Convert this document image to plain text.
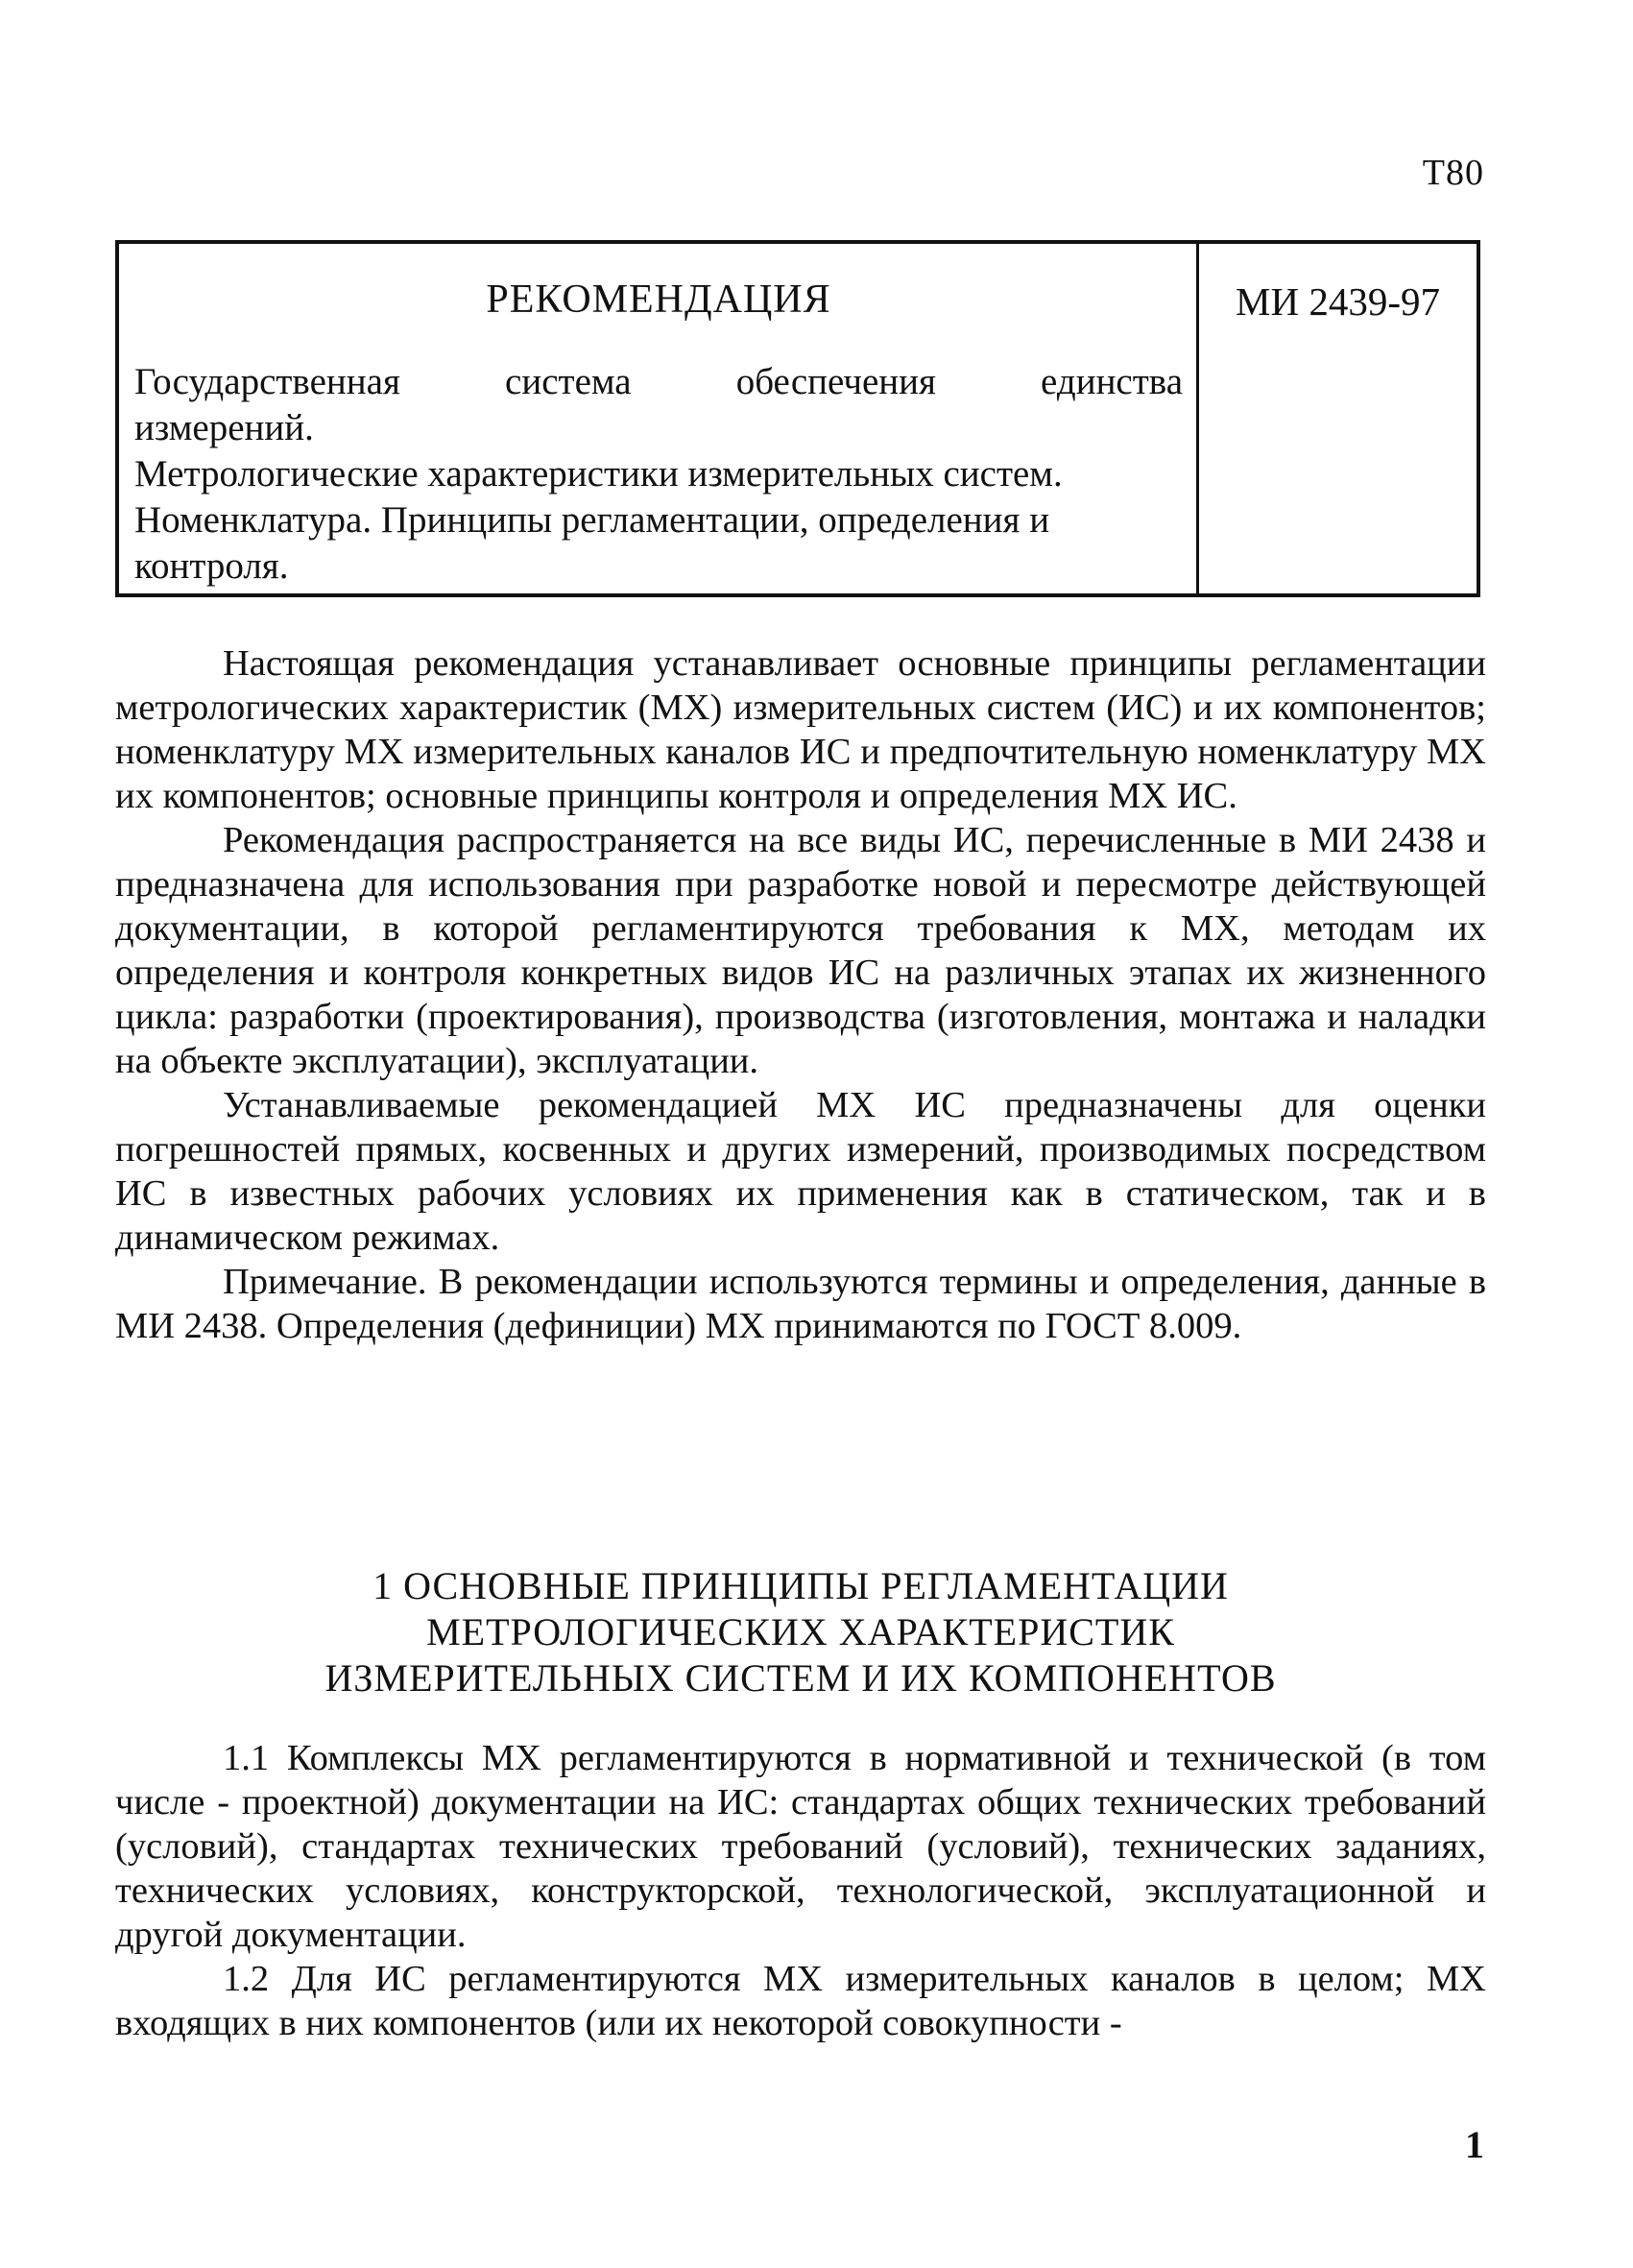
Т80
РЕКОМЕНДАЦИЯ
Государственная система обеспечения единства
измерений.
Метрологические характеристики измерительных систем.
Номенклатура. Принципы регламентации, определения и
контроля.
МИ 2439-97

Настоящая рекомендация устанавливает основные принципы регламентации метрологических характеристик (МХ) измерительных систем (ИС) и их компонентов; номенклатуру МХ измерительных каналов ИС и предпочтительную номенклатуру МХ их компонентов; основные принципы контроля и определения МХ ИС.

Рекомендация распространяется на все виды ИС, перечисленные в МИ 2438 и предназначена для использования при разработке новой и пересмотре действующей документации, в которой регламентируются требования к МХ, методам их определения и контроля конкретных видов ИС на различных этапах их жизненного цикла: разработки (проектирования), производства (изготовления, монтажа и наладки на объекте эксплуатации), эксплуатации.

Устанавливаемые рекомендацией МХ ИС предназначены для оценки погрешностей прямых, косвенных и других измерений, производимых посредством ИС в известных рабочих условиях их применения как в статическом, так и в динамическом режимах.

Примечание. В рекомендации используются термины и определения, данные в МИ 2438. Определения (дефиниции) МХ принимаются по ГОСТ 8.009.

1 ОСНОВНЫЕ ПРИНЦИПЫ РЕГЛАМЕНТАЦИИ
МЕТРОЛОГИЧЕСКИХ ХАРАКТЕРИСТИК
ИЗМЕРИТЕЛЬНЫХ СИСТЕМ И ИХ КОМПОНЕНТОВ

1.1 Комплексы МХ регламентируются в нормативной и технической (в том числе - проектной) документации на ИС: стандартах общих технических требований (условий), стандартах технических требований (условий), технических заданиях, технических условиях, конструкторской, технологической, эксплуатационной и другой документации.

1.2 Для ИС регламентируются МХ измерительных каналов в целом; МХ входящих в них компонентов (или их некоторой совокупности -

1
